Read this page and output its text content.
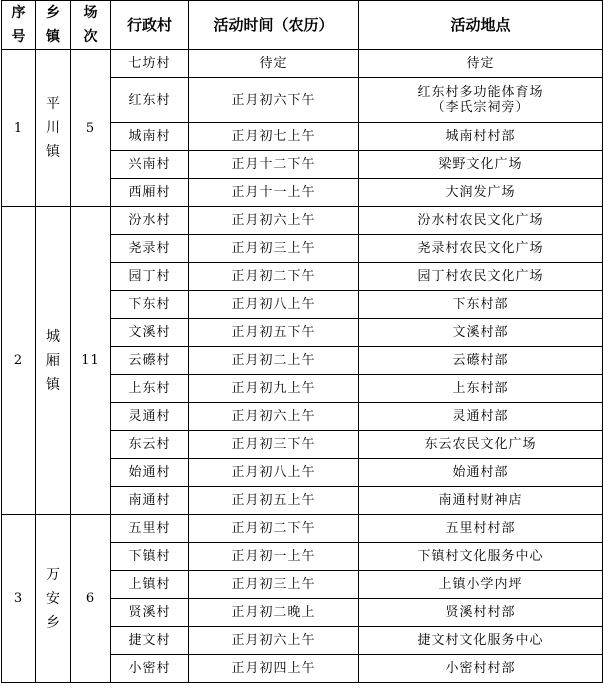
序号	乡镇	场次	行政村	活动时间（农历）	活动地点
1	平川镇	5	七坊村	待定	待定
			红东村	正月初六下午	红东村多功能体育场
（李氏宗祠旁）

			城南村	正月初七上午	城南村村部
			兴南村	正月十二下午	梁野文化广场
			西厢村	正月十一上午	大润发广场
2	城厢镇	11	汾水村	正月初六上午	汾水村农民文化广场
			尧录村	正月初三上午	尧录村农民文化广场
			园丁村	正月初二下午	园丁村农民文化广场
			下东村	正月初八上午	下东村部
			文溪村	正月初五下午	文溪村部
			云礤村	正月初二上午	云礤村部
			上东村	正月初九上午	上东村部
			灵通村	正月初六上午	灵通村部
			东云村	正月初三下午	东云农民文化广场
			始通村	正月初八上午	始通村部
			南通村	正月初五上午	南通村财神店
3	万安乡	6	五里村	正月初二下午	五里村村部
			下镇村	正月初一上午	下镇村文化服务中心
			上镇村	正月初三上午	上镇小学内坪
			贤溪村	正月初二晚上	贤溪村村部
			捷文村	正月初六上午	捷文村文化服务中心
			小密村	正月初四上午	小密村村部
